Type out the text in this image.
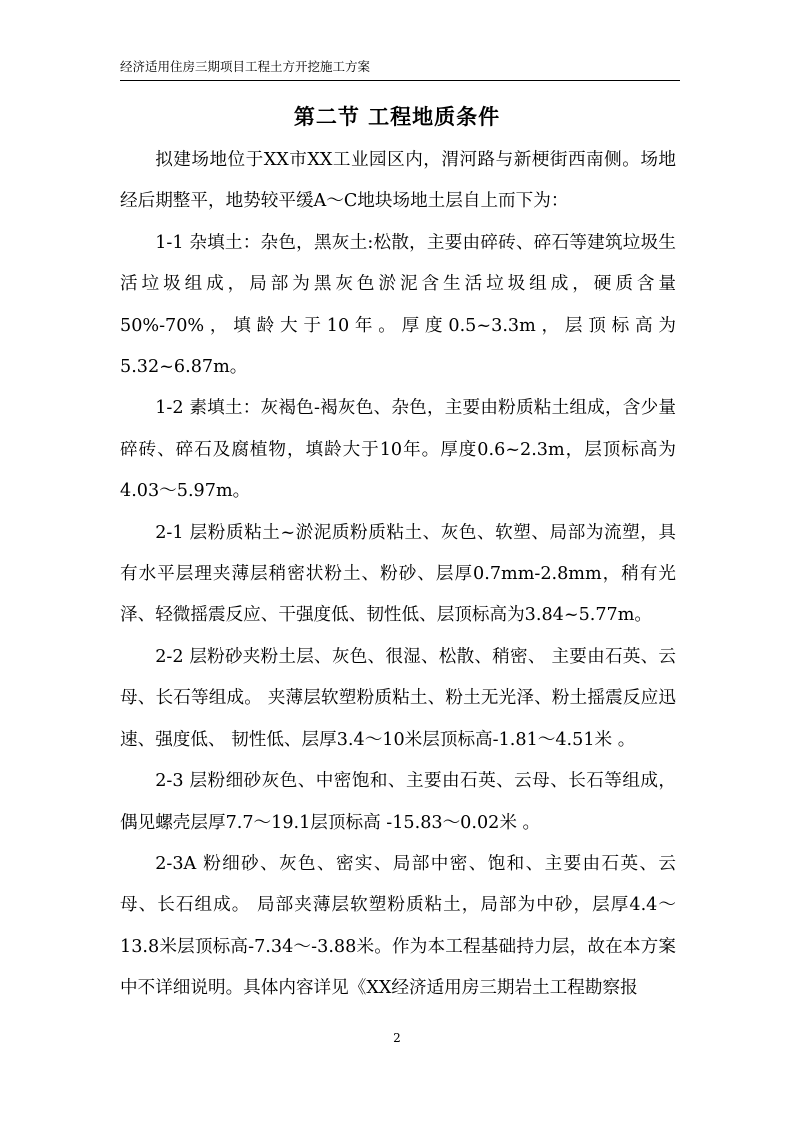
经济适用住房三期项目工程土方开挖施工方案
第二节 工程地质条件

拟建场地位于XX市XX工业园区内，渭河路与新梗街西南侧。场地经后期整平，地势较平缓A～C地块场地土层自上而下为：

1-1 杂填土：杂色，黑灰土:松散，主要由碎砖、碎石等建筑垃圾生活垃圾组成，局部为黑灰色淤泥含生活垃圾组成，硬质含量50%-70%，填龄大于10年。厚度0.5~3.3m，层顶标高为5.32~6.87m。

1-2 素填土：灰褐色-褐灰色、杂色，主要由粉质粘土组成，含少量碎砖、碎石及腐植物，填龄大于10年。厚度0.6~2.3m，层顶标高为4.03～5.97m。

2-1 层粉质粘土~淤泥质粉质粘土、灰色、软塑、局部为流塑，具有水平层理夹薄层稍密状粉土、粉砂、层厚0.7mm-2.8mm，稍有光泽、轻微摇震反应、干强度低、韧性低、层顶标高为3.84~5.77m。

2-2 层粉砂夹粉土层、灰色、很湿、松散、稍密、 主要由石英、云母、长石等组成。 夹薄层软塑粉质粘土、粉土无光泽、粉土摇震反应迅速、强度低、 韧性低、层厚3.4～10米层顶标高-1.81～4.51米 。

2-3 层粉细砂灰色、中密饱和、主要由石英、云母、长石等组成，偶见螺壳层厚7.7～19.1层顶标高 -15.83～0.02米 。

2-3A 粉细砂、灰色、密实、局部中密、饱和、主要由石英、云母、长石组成。 局部夹薄层软塑粉质粘土，局部为中砂，层厚4.4～13.8米层顶标高-7.34～-3.88米。作为本工程基础持力层，故在本方案中不详细说明。具体内容详见《XX经济适用房三期岩土工程勘察报

2
